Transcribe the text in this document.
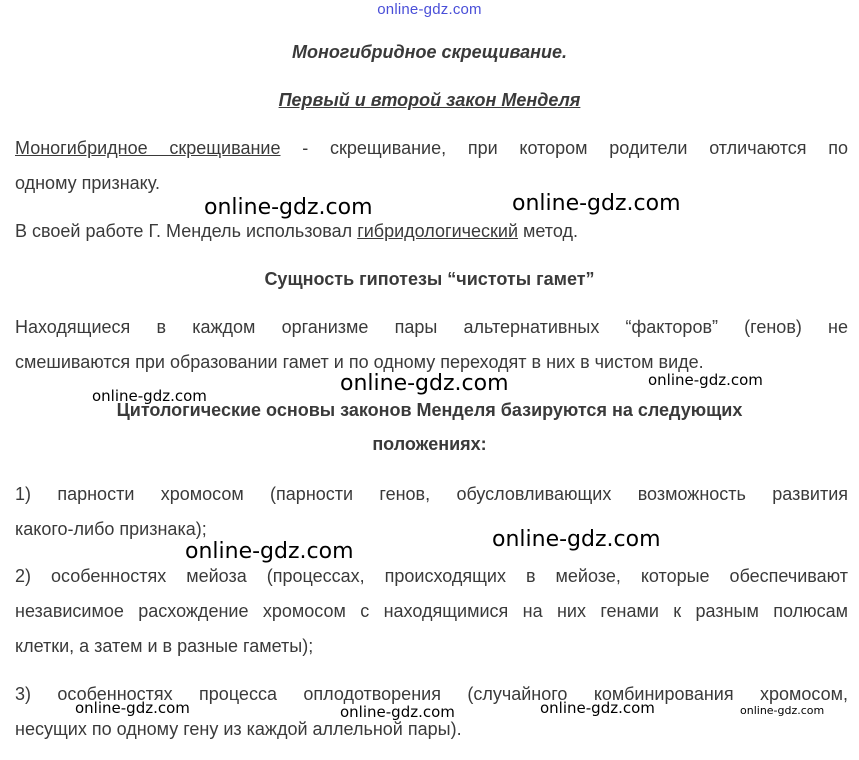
online-gdz.com
Моногибридное скрещивание.
Первый и второй закон Менделя
Моногибридное скрещивание - скрещивание, при котором родители отличаются по
одному признаку.
В своей работе Г. Мендель использовал гибридологический метод.
Сущность гипотезы “чистоты гамет”
Находящиеся в каждом организме пары альтернативных “факторов” (генов) не
смешиваются при образовании гамет и по одному переходят в них в чистом виде.
Цитологические основы законов Менделя базируются на следующих
положениях:
1) парности хромосом (парности генов, обусловливающих возможность развития
какого-либо признака);
2) особенностях мейоза (процессах, происходящих в мейозе, которые обеспечивают
независимое расхождение хромосом с находящимися на них генами к разным полюсам
клетки, а затем и в разные гаметы);
3) особенностях процесса оплодотворения (случайного комбинирования хромосом,
несущих по одному гену из каждой аллельной пары).
online-gdz.com	online-gdz.com
online-gdz.com	online-gdz.com	online-gdz.com
online-gdz.com	online-gdz.com
online-gdz.com	online-gdz.com	online-gdz.com	online-gdz.com
